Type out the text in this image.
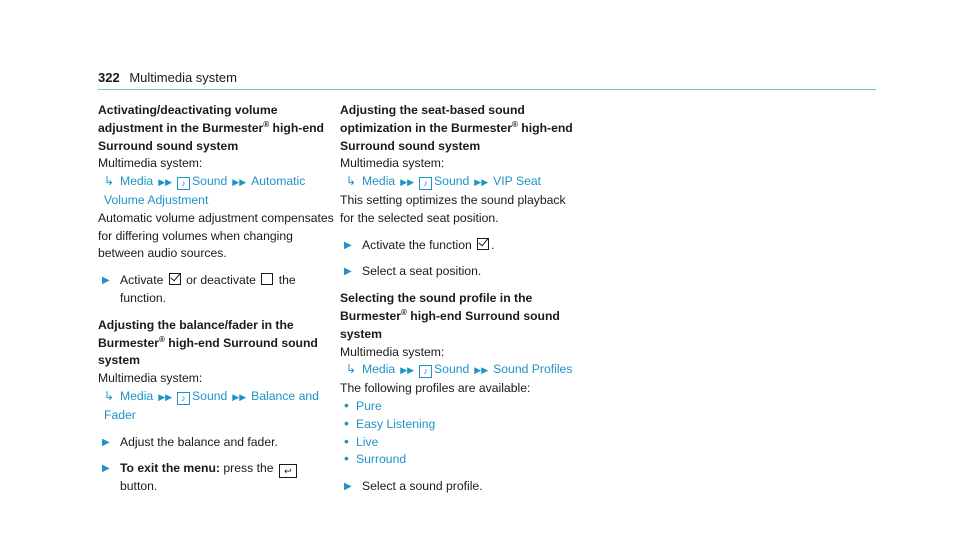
322 Multimedia system
Activating/deactivating volume adjustment in the Burmester® high-end Surround sound system

Multimedia system:

↳ Media ▶▶ ♪ Sound ▶▶ Automatic Volume Adjustment

Automatic volume adjustment compensates for differing volumes when changing between audio sources.

▶ Activate or deactivate the function.
Adjusting the balance/fader in the Burmester® high-end Surround sound system

Multimedia system:

↳ Media ▶▶ ♪ Sound ▶▶ Balance and Fader

▶ Adjust the balance and fader.
▶ To exit the menu: press the ↩ button.
Adjusting the seat-based sound optimization in the Burmester® high-end Surround sound system

Multimedia system:

↳ Media ▶▶ ♪ Sound ▶▶ VIP Seat

This setting optimizes the sound playback for the selected seat position.

▶ Activate the function .
▶ Select a seat position.
Selecting the sound profile in the Burmester® high-end Surround sound system

Multimedia system:

↳ Media ▶▶ ♪ Sound ▶▶ Sound Profiles

The following profiles are available:

• Pure
• Easy Listening
• Live
• Surround
▶ Select a sound profile.
